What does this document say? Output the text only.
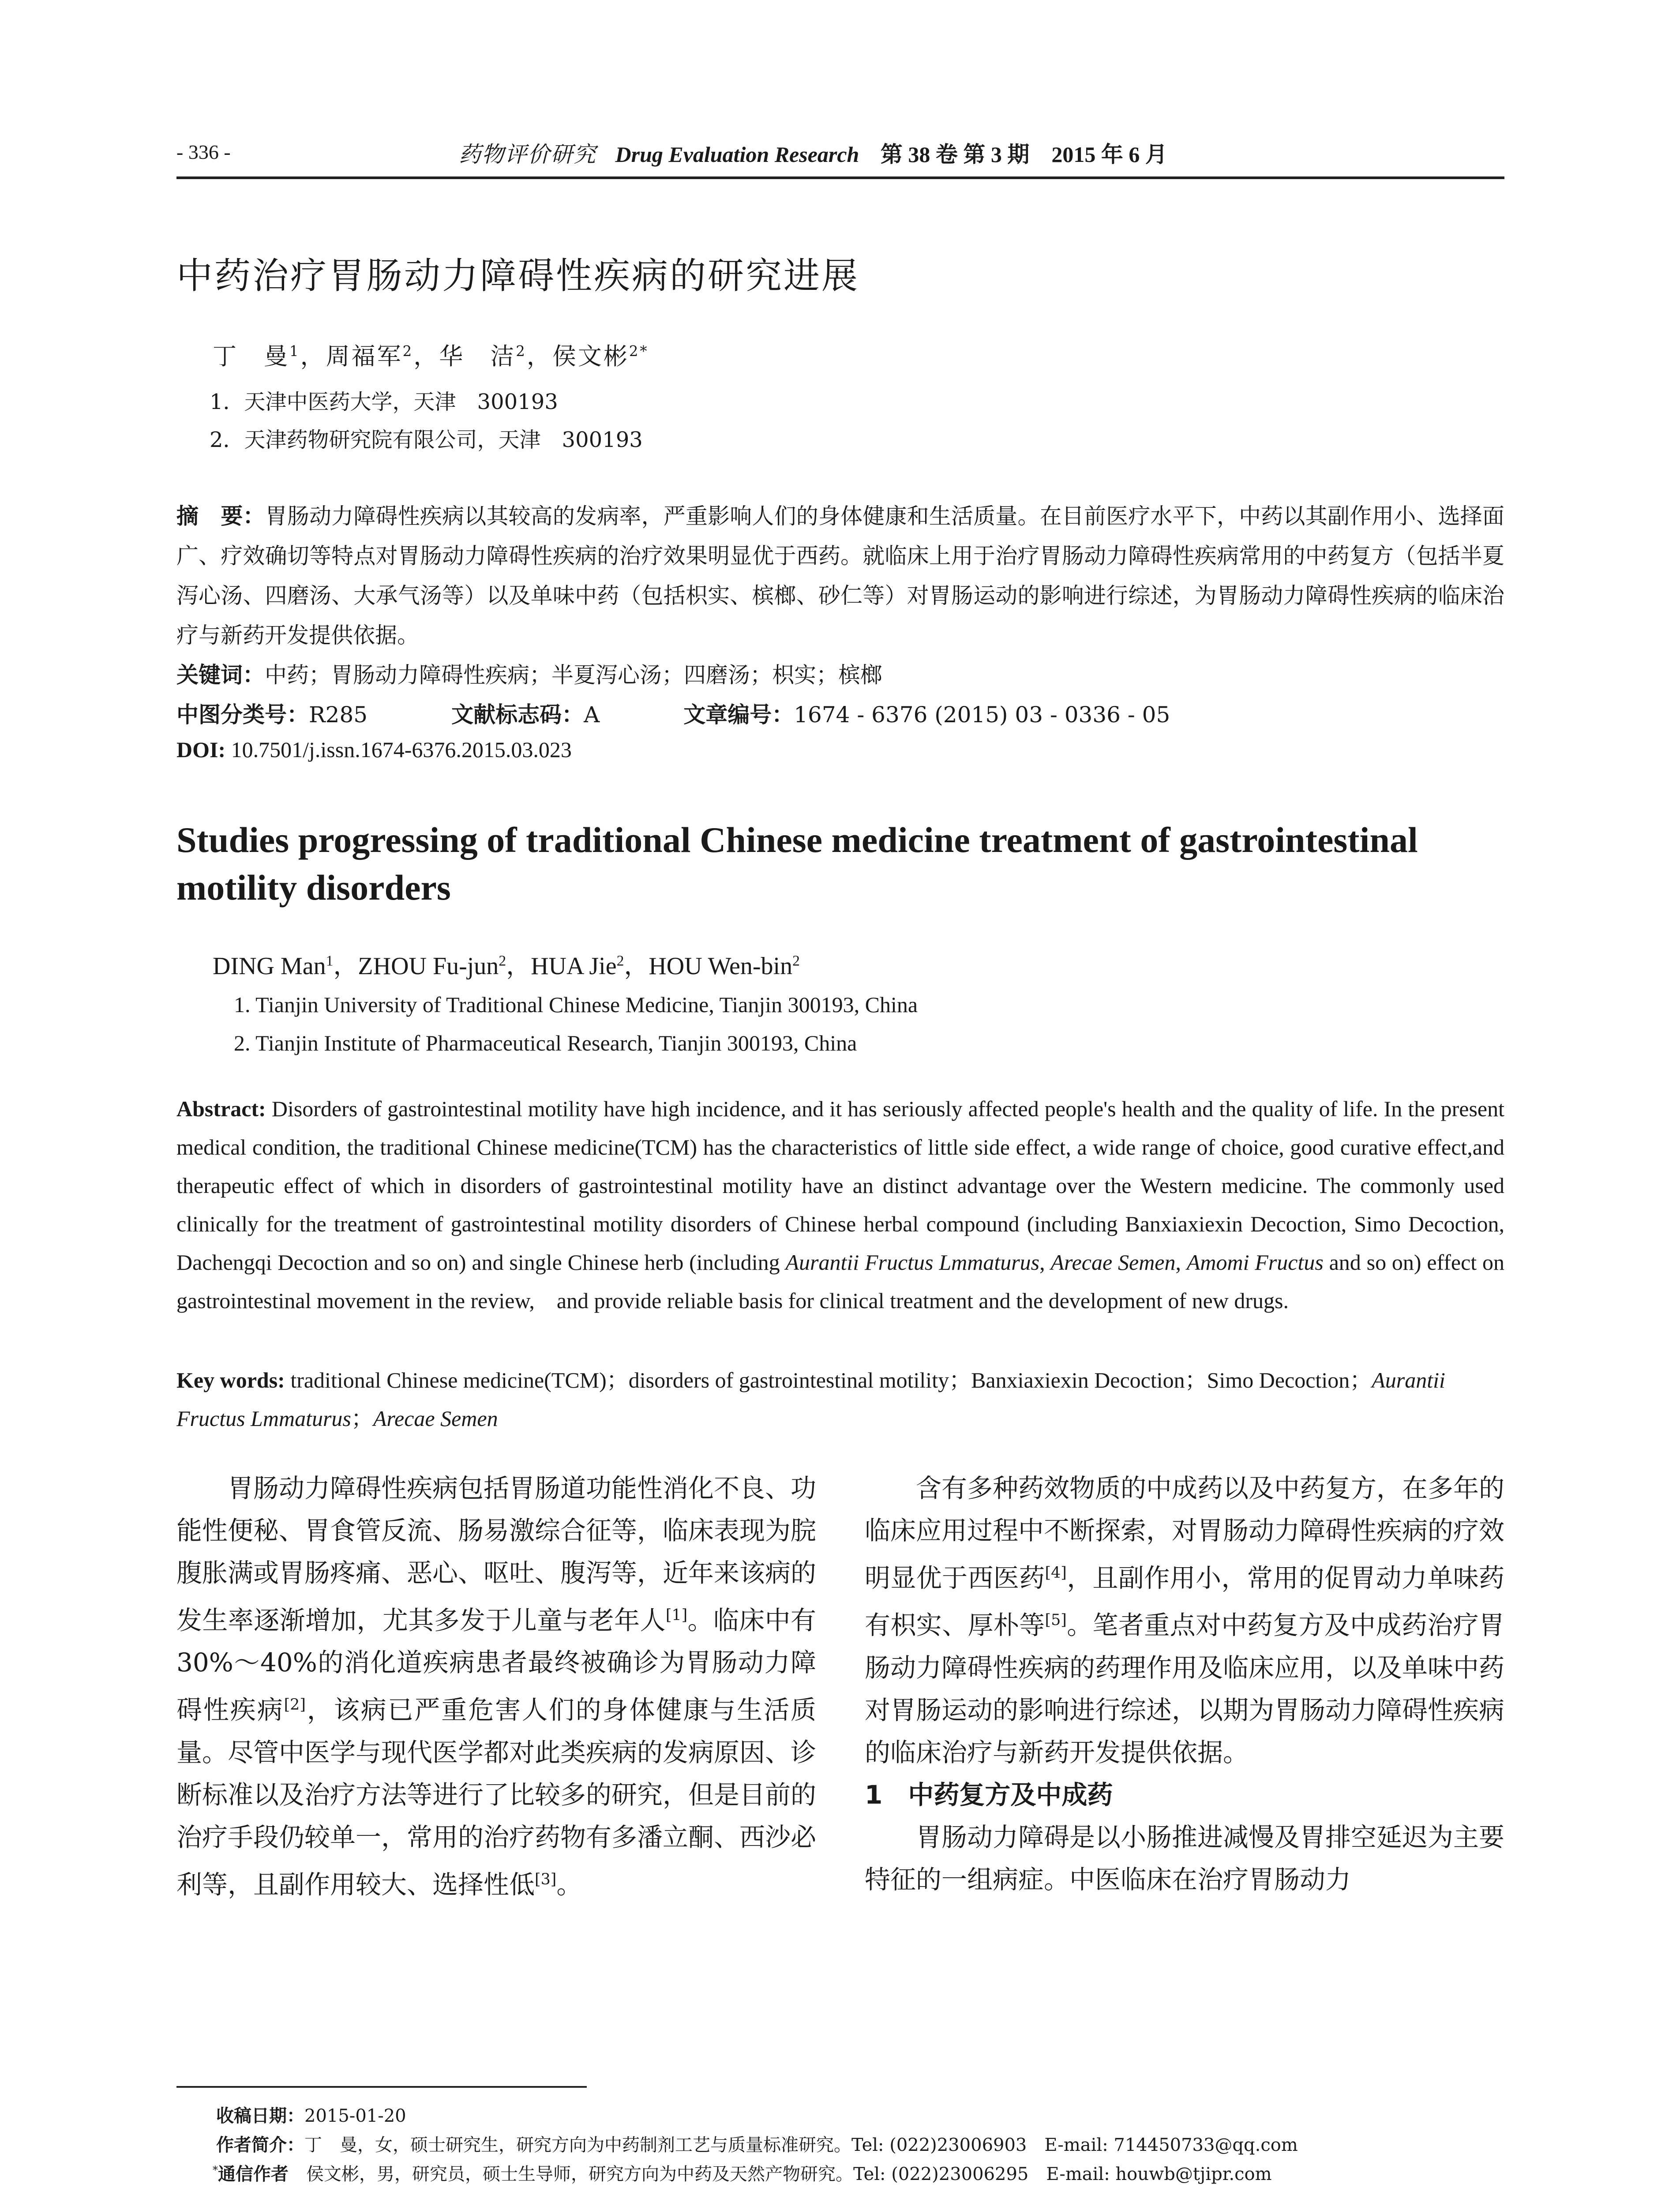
- 336 -	药物评价研究 Drug Evaluation Research 第 38 卷 第 3 期　2015 年 6 月
中药治疗胃肠动力障碍性疾病的研究进展
丁　曼$^1$，周福军$^2$，华　洁$^2$，侯文彬$^{2*}$
1．天津中医药大学，天津　300193
2．天津药物研究院有限公司，天津　300193
摘　要：胃肠动力障碍性疾病以其较高的发病率，严重影响人们的身体健康和生活质量。在目前医疗水平下，中药以其副作用小、选择面广、疗效确切等特点对胃肠动力障碍性疾病的治疗效果明显优于西药。就临床上用于治疗胃肠动力障碍性疾病常用的中药复方（包括半夏泻心汤、四磨汤、大承气汤等）以及单味中药（包括枳实、槟榔、砂仁等）对胃肠运动的影响进行综述，为胃肠动力障碍性疾病的临床治疗与新药开发提供依据。
关键词：中药；胃肠动力障碍性疾病；半夏泻心汤；四磨汤；枳实；槟榔
中图分类号：R285	文献标志码：A	文章编号：1674 - 6376 (2015) 03 - 0336 - 05
DOI: 10.7501/j.issn.1674-6376.2015.03.023
Studies progressing of traditional Chinese medicine treatment of gastrointestinal motility disorders
DING Man$^1$，ZHOU Fu-jun$^2$，HUA Jie$^2$，HOU Wen-bin$^2$
1. Tianjin University of Traditional Chinese Medicine, Tianjin 300193, China
2. Tianjin Institute of Pharmaceutical Research, Tianjin 300193, China
Abstract: Disorders of gastrointestinal motility have high incidence, and it has seriously affected people's health and the quality of life. In the present medical condition, the traditional Chinese medicine(TCM) has the characteristics of little side effect, a wide range of choice, good curative effect,and therapeutic effect of which in disorders of gastrointestinal motility have an distinct advantage over the Western medicine. The commonly used clinically for the treatment of gastrointestinal motility disorders of Chinese herbal compound (including Banxiaxiexin Decoction, Simo Decoction, Dachengqi Decoction and so on) and single Chinese herb (including Aurantii Fructus Lmmaturus, Arecae Semen, Amomi Fructus and so on) effect on gastrointestinal movement in the review,　and provide reliable basis for clinical treatment and the development of new drugs.
Key words: traditional Chinese medicine(TCM)；disorders of gastrointestinal motility；Banxiaxiexin Decoction；Simo Decoction；Aurantii Fructus Lmmaturus；Arecae Semen

胃肠动力障碍性疾病包括胃肠道功能性消化不良、功能性便秘、胃食管反流、肠易激综合征等，临床表现为脘腹胀满或胃肠疼痛、恶心、呕吐、腹泻等，近年来该病的发生率逐渐增加，尤其多发于儿童与老年人[1]。临床中有 30%～40%的消化道疾病患者最终被确诊为胃肠动力障碍性疾病[2]，该病已严重危害人们的身体健康与生活质量。尽管中医学与现代医学都对此类疾病的发病原因、诊断标准以及治疗方法等进行了比较多的研究，但是目前的治疗手段仍较单一，常用的治疗药物有多潘立酮、西沙必利等，且副作用较大、选择性低[3]。

含有多种药效物质的中成药以及中药复方，在多年的临床应用过程中不断探索，对胃肠动力障碍性疾病的疗效明显优于西医药[4]，且副作用小，常用的促胃动力单味药有枳实、厚朴等[5]。笔者重点对中药复方及中成药治疗胃肠动力障碍性疾病的药理作用及临床应用，以及单味中药对胃肠运动的影响进行综述，以期为胃肠动力障碍性疾病的临床治疗与新药开发提供依据。

1　中药复方及中成药

胃肠动力障碍是以小肠推进减慢及胃排空延迟为主要特征的一组病症。中医临床在治疗胃肠动力

收稿日期：2015-01-20
作者简介：丁　曼，女，硕士研究生，研究方向为中药制剂工艺与质量标准研究。Tel: (022)23006903　E-mail: 714450733@qq.com
*通信作者　侯文彬，男，研究员，硕士生导师，研究方向为中药及天然产物研究。Tel: (022)23006295　E-mail: houwb@tjipr.com
